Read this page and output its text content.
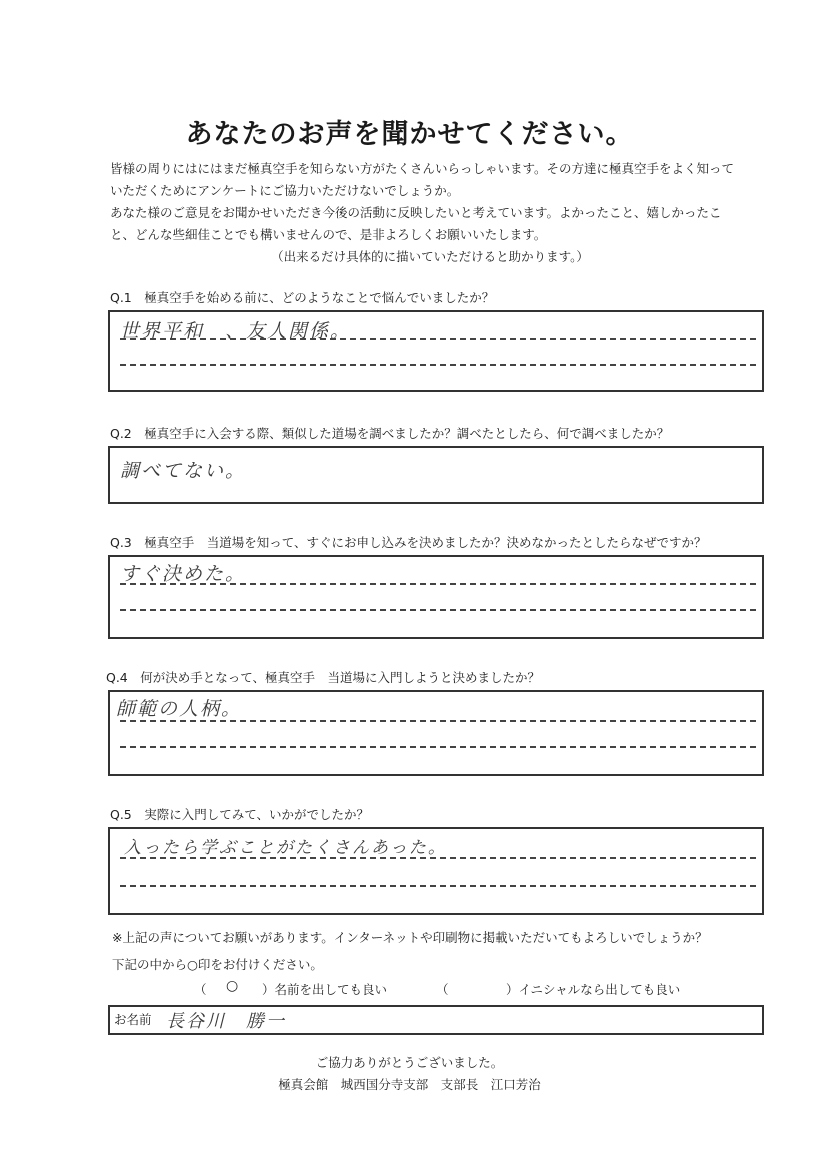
あなたのお声を聞かせてください。
皆様の周りにはにはまだ極真空手を知らない方がたくさんいらっしゃいます。その方達に極真空手をよく知って
いただくためにアンケートにご協力いただけないでしょうか。
あなた様のご意見をお聞かせいただき今後の活動に反映したいと考えています。よかったこと、嬉しかったこ
と、どんな些細佳ことでも構いませんので、是非よろしくお願いいたします。
（出来るだけ具体的に描いていただけると助かります。）
Q.1　極真空手を始める前に、どのようなことで悩んでいましたか？
世界平和　、友人関係。
Q.2　極真空手に入会する際、類似した道場を調べましたか？調べたとしたら、何で調べましたか？
調べてない。
Q.3　極真空手　当道場を知って、すぐにお申し込みを決めましたか？決めなかったとしたらなぜですか？
すぐ決めた。
Q.4　何が決め手となって、極真空手　当道場に入門しようと決めましたか？
師範の人柄。
Q.5　実際に入門してみて、いかがでしたか？
入ったら学ぶことがたくさんあった。
※上記の声についてお願いがあります。インターネットや印刷物に掲載いただいてもよろしいでしょうか？
下記の中から○印をお付けください。
（ ○ ）名前を出しても良い	（	）イニシャルなら出しても良い
お名前 長谷川　勝一
ご協力ありがとうございました。
極真会館　城西国分寺支部　支部長　江口芳治
